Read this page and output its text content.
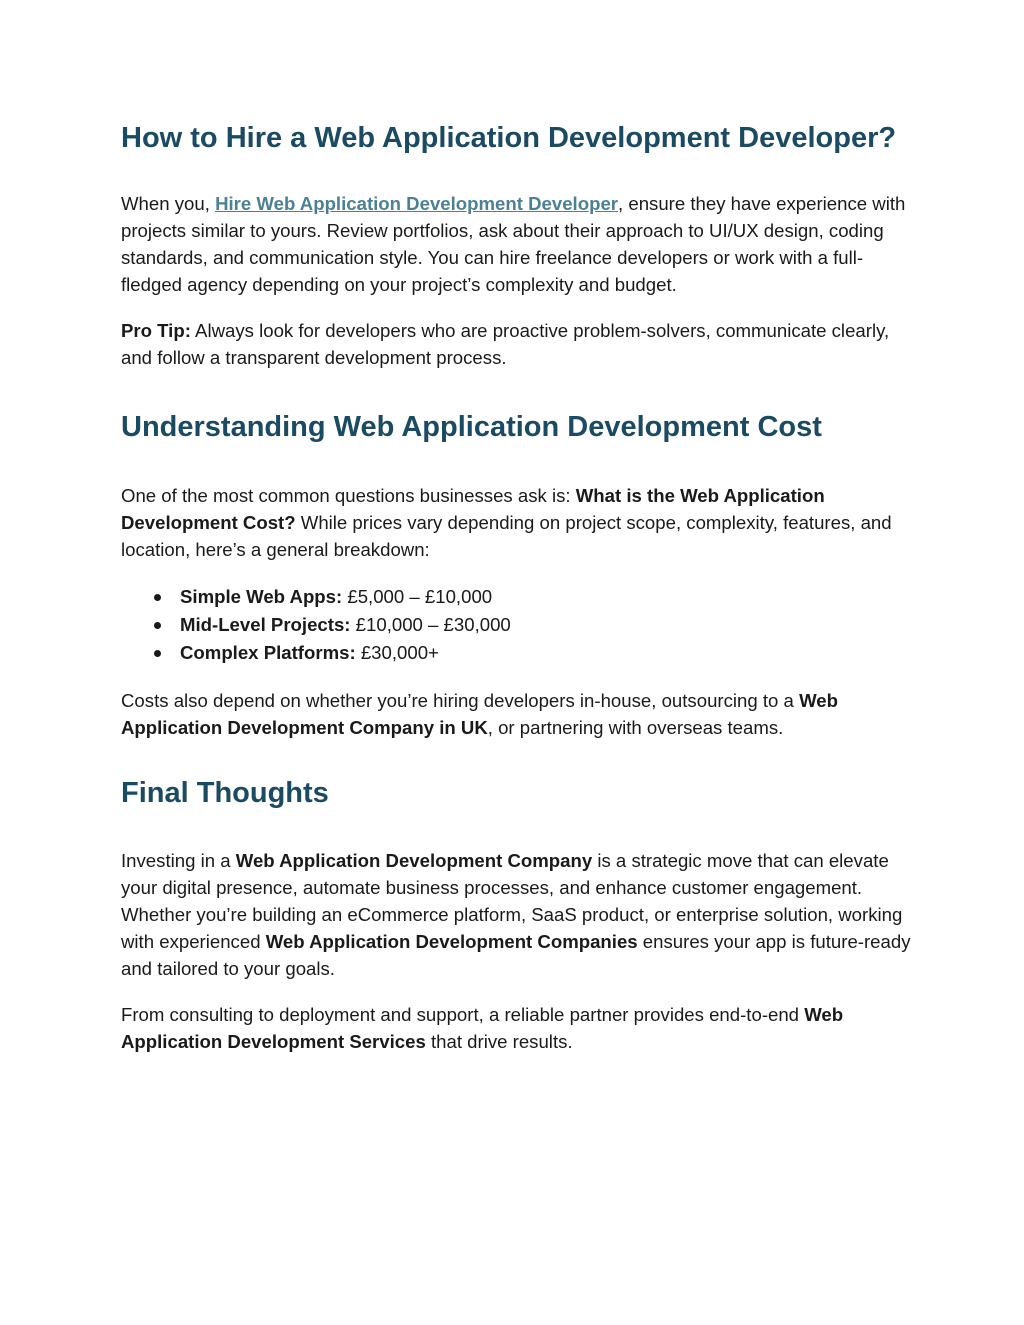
How to Hire a Web Application Development Developer?

When you, Hire Web Application Development Developer, ensure they have experience with projects similar to yours. Review portfolios, ask about their approach to UI/UX design, coding standards, and communication style. You can hire freelance developers or work with a full-fledged agency depending on your project’s complexity and budget.

Pro Tip: Always look for developers who are proactive problem-solvers, communicate clearly, and follow a transparent development process.

Understanding Web Application Development Cost

One of the most common questions businesses ask is: What is the Web Application Development Cost? While prices vary depending on project scope, complexity, features, and location, here’s a general breakdown:

Simple Web Apps: £5,000 – £10,000
Mid-Level Projects: £10,000 – £30,000
Complex Platforms: £30,000+

Costs also depend on whether you’re hiring developers in-house, outsourcing to a Web Application Development Company in UK, or partnering with overseas teams.

Final Thoughts

Investing in a Web Application Development Company is a strategic move that can elevate your digital presence, automate business processes, and enhance customer engagement. Whether you’re building an eCommerce platform, SaaS product, or enterprise solution, working with experienced Web Application Development Companies ensures your app is future-ready and tailored to your goals.

From consulting to deployment and support, a reliable partner provides end-to-end Web Application Development Services that drive results.
